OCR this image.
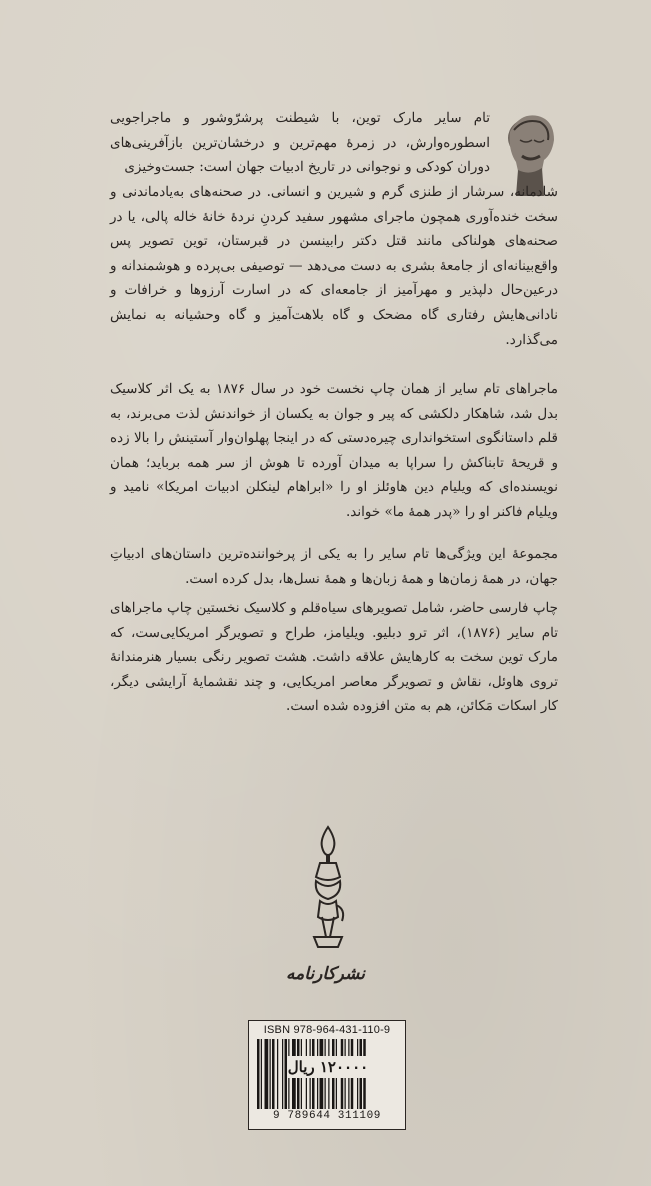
تام سایر مارک توین، با شیطنت پرشرّوشور و ماجراجویی اسطوره‌وارش، در زمرهٔ مهم‌ترین و درخشان‌ترین بازآفرینی‌های دوران کودکی و نوجوانی در تاریخ ادبیات جهان است: جست‌وخیزی

شادمانه، سرشار از طنزی گرم و شیرین و انسانی. در صحنه‌های به‌یادماندنی و سخت خنده‌آوری همچون ماجرای مشهور سفید کردنِ نردهٔ خانهٔ خاله پالی، یا در صحنه‌های هولناکی مانند قتل دکتر رابینسن در قبرستان، توین تصویر پس واقع‌بینانه‌ای از جامعهٔ بشری به دست می‌دهد — توصیفی بی‌پرده و هوشمندانه و درعین‌حال دلپذیر و مهرآمیز از جامعه‌ای که در اسارت آرزوها و خرافات و نادانی‌هایش رفتاری گاه مضحک و گاه بلاهت‌آمیز و گاه وحشیانه به نمایش می‌گذارد.

ماجراهای تام سایر از همان چاپ نخست خود در سال ۱۸۷۶ به یک اثر کلاسیک بدل شد، شاهکار دلکشی که پیر و جوان به یکسان از خواندنش لذت می‌برند، به قلم داستانگوی استخوانداری چیره‌دستی که در اینجا پهلوان‌وار آستینش را بالا زده و قریحهٔ تابناکش را سراپا به میدان آورده تا هوش از سر همه برباید؛ همان نویسنده‌ای که ویلیام دین هاوئلز او را «ابراهام لینکلن ادبیات امریکا» نامید و ویلیام فاکنر او را «پدر همهٔ ما» خواند.

مجموعهٔ این ویژگی‌ها تام سایر را به یکی از پرخواننده‌ترین داستان‌های ادبیاتِ جهان، در همهٔ زمان‌ها و همهٔ زبان‌ها و همهٔ نسل‌ها، بدل کرده است.

چاپ فارسی حاضر، شامل تصویرهای سیاه‌قلم و کلاسیک نخستین چاپ ماجراهای تام سایر (۱۸۷۶)، اثر ترو دبلیو. ویلیامز، طراح و تصویرگر امریکایی‌ست، که مارک توین سخت به کارهایش علاقه داشت. هشت تصویر رنگی بسیار هنرمندانهٔ تروی هاوئل، نقاش و تصویرگر معاصر امریکایی، و چند نقشمایهٔ آرایشی دیگر، کار اسکات مَکائن، هم به متن افزوده شده است.

نشرکارنامه
ISBN 978-964-431-110-9
۱۲۰۰۰۰ ریال
9 789644 311109
